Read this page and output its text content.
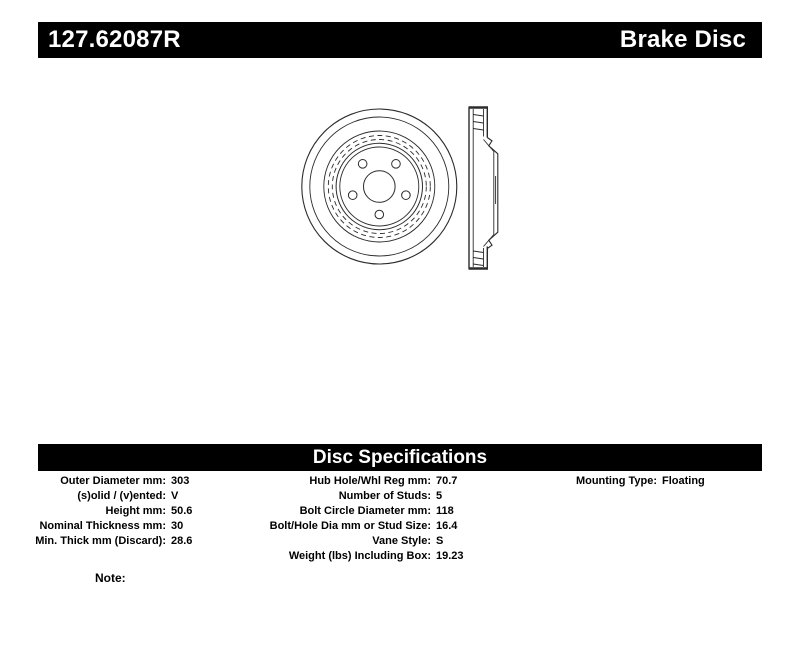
127.62087R	Brake Disc
Disc Specifications
Outer Diameter mm: 303
(s)olid / (v)ented: V
Height mm: 50.6
Nominal Thickness mm: 30
Min. Thick mm (Discard): 28.6
Hub Hole/Whl Reg mm: 70.7
Number of Studs: 5
Bolt Circle Diameter mm: 118
Bolt/Hole Dia mm or Stud Size: 16.4
Vane Style: S
Weight (lbs) Including Box: 19.23
Mounting Type: Floating
Note:
